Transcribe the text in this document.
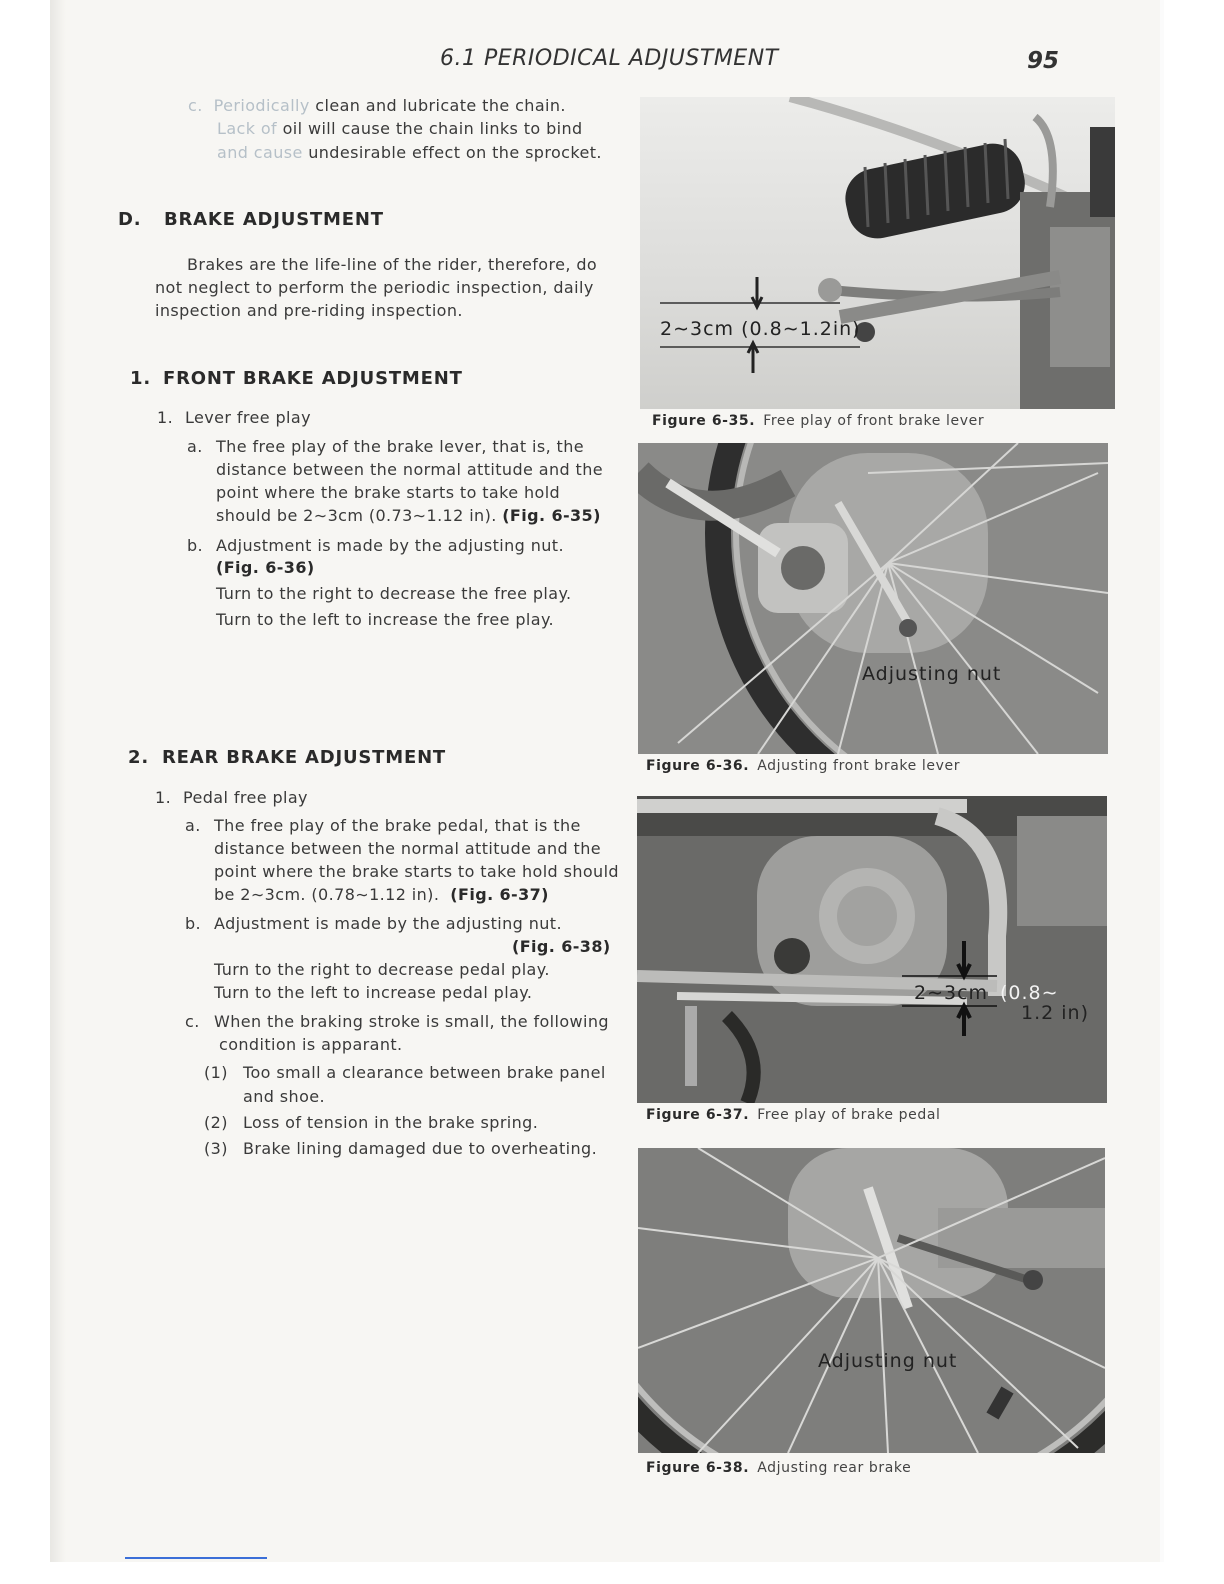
6.1 PERIODICAL ADJUSTMENT	95
c. Periodically clean and lubricate the chain.
Lack of oil will cause the chain links to bind
and cause undesirable effect on the sprocket.
D. BRAKE ADJUSTMENT
Brakes are the life-line of the rider, therefore, do
not neglect to perform the periodic inspection, daily
inspection and pre-riding inspection.
1. FRONT BRAKE ADJUSTMENT
1. Lever free play
a. The free play of the brake lever, that is, the
distance between the normal attitude and the
point where the brake starts to take hold
should be 2∼3cm (0.73∼1.12 in). (Fig. 6-35)
b. Adjustment is made by the adjusting nut.
(Fig. 6-36)
Turn to the right to decrease the free play.
Turn to the left to increase the free play.
2. REAR BRAKE ADJUSTMENT
1. Pedal free play
a. The free play of the brake pedal, that is the
distance between the normal attitude and the
point where the brake starts to take hold should
be 2∼3cm. (0.78∼1.12 in). (Fig. 6-37)
b. Adjustment is made by the adjusting nut.
(Fig. 6-38)
Turn to the right to decrease pedal play.
Turn to the left to increase pedal play.
c. When the braking stroke is small, the following
condition is apparant.
(1) Too small a clearance between brake panel
and shoe.
(2) Loss of tension in the brake spring.
(3) Brake lining damaged due to overheating.
2∼3cm (0.8∼1.2in)
Figure 6-35. Free play of front brake lever
Adjusting nut
Figure 6-36. Adjusting front brake lever
2∼3cm (0.8∼
1.2 in)
Figure 6-37. Free play of brake pedal
Adjusting nut
Figure 6-38. Adjusting rear brake
